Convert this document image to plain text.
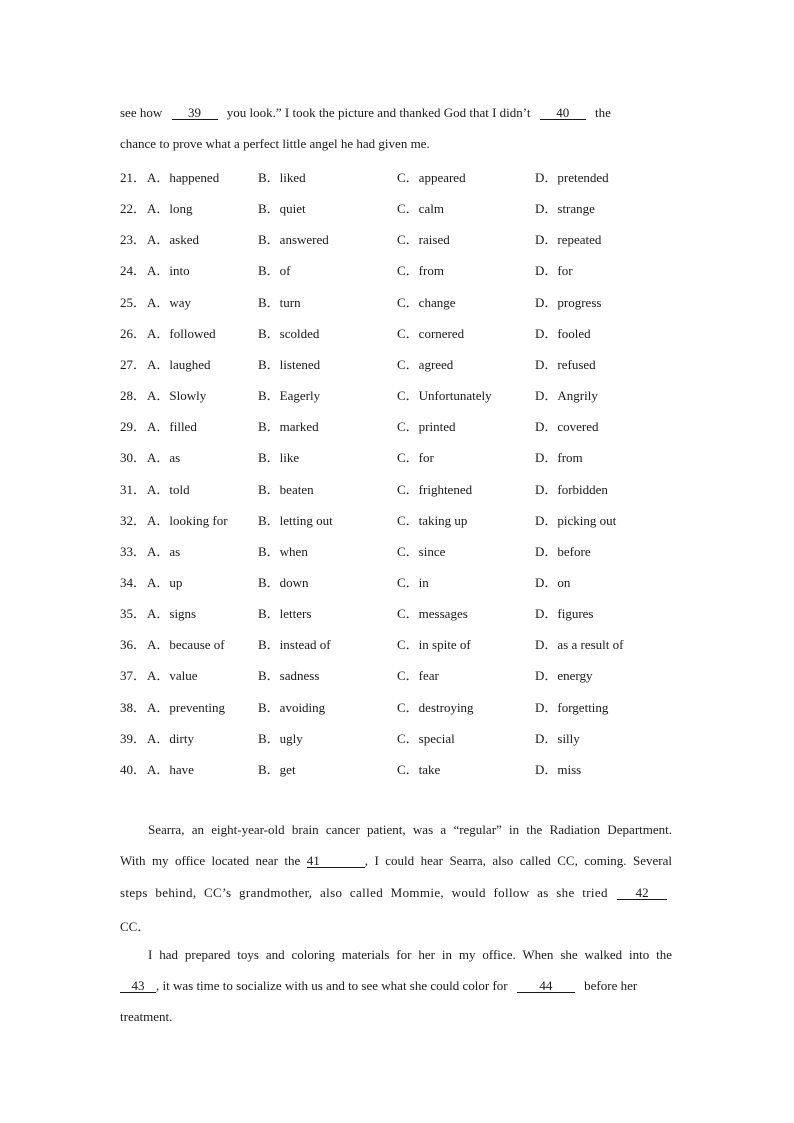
see how 39 you look.” I took the picture and thanked God that I didn’t 40 the
chance to prove what a perfect little angel he had given me.
21． A．happened	B．liked	C．appeared	D．pretended
22． A．long	B．quiet	C．calm	D．strange
23． A．asked	B．answered	C．raised	D．repeated
24． A．into	B．of	C．from	D．for
25． A．way	B．turn	C．change	D．progress
26． A．followed	B．scolded	C．cornered	D．fooled
27． A．laughed	B．listened	C．agreed	D．refused
28． A．Slowly	B．Eagerly	C．Unfortunately	D．Angrily
29． A．filled	B．marked	C．printed	D．covered
30． A．as	B．like	C．for	D．from
31． A．told	B．beaten	C．frightened	D．forbidden
32． A．looking for B．letting out	C．taking up	D．picking out
33． A．as	B．when	C．since	D．before
34． A．up	B．down	C．in	D．on
35． A．signs	B．letters	C．messages	D．figures
36． A．because of	B．instead of	C．in spite of	D．as a result of
37． A．value	B．sadness	C．fear	D．energy
38． A．preventing	B．avoiding	C．destroying	D．forgetting
39． A．dirty	B．ugly	C．special	D．silly
40． A．have	B．get	C．take	D．miss
Searra, an eight-year-old brain cancer patient, was a “regular” in the Radiation Department.
With my office located near the 41	, I could hear Searra, also called CC, coming. Several
steps behind, CC’s grandmother, also called Mommie, would follow as she tried 42
CC．
I had prepared toys and coloring materials for her in my office. When she walked into the
43 , it was time to socialize with us and to see what she could color for 44 before her
treatment.
